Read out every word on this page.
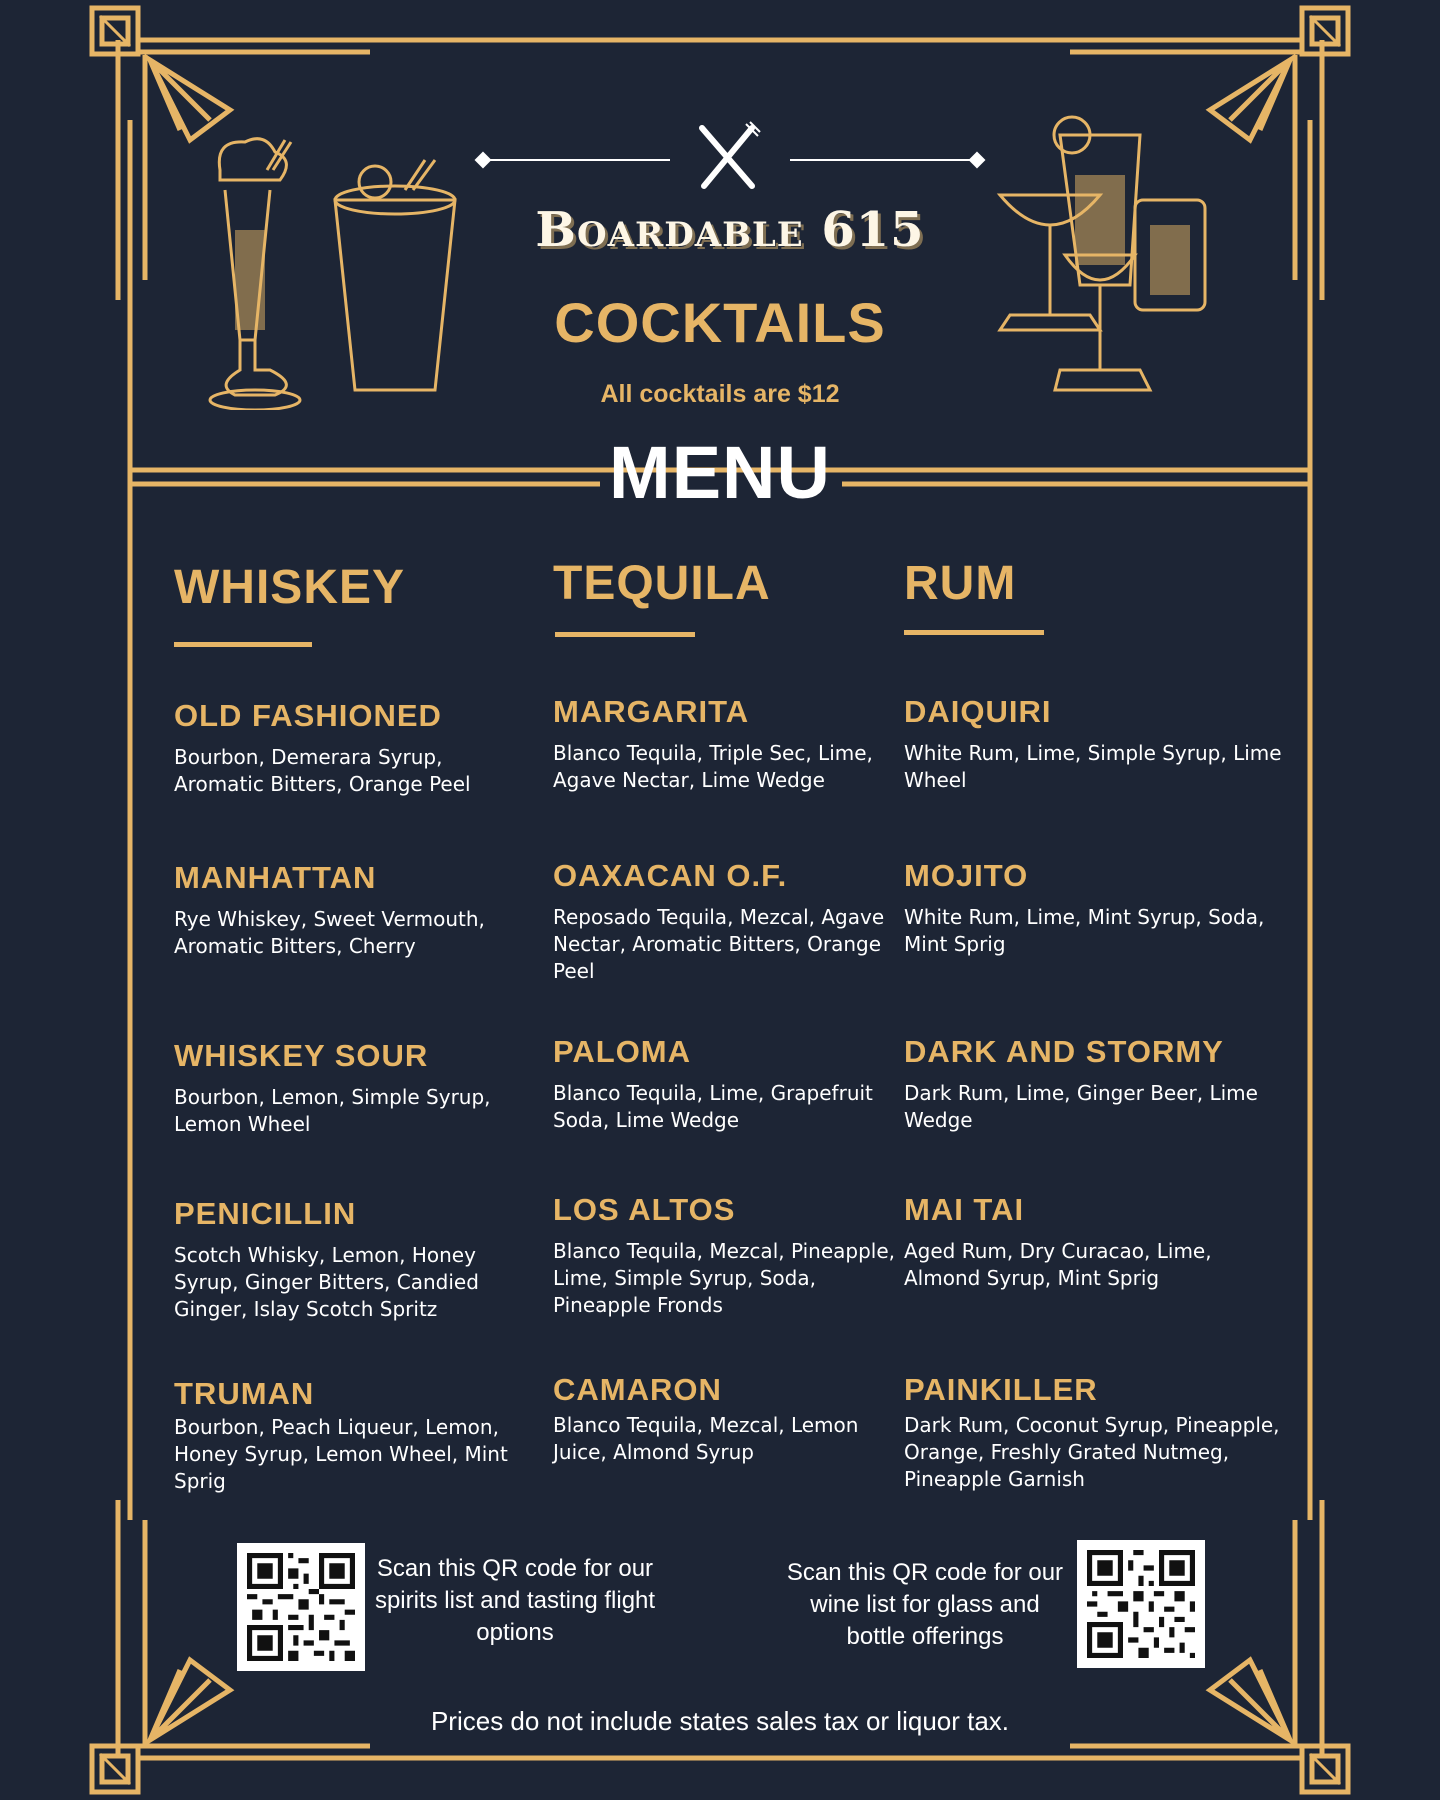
Boardable 615
COCKTAILS
All cocktails are $12
MENU
WHISKEY
OLD FASHIONED
Bourbon, Demerara Syrup, Aromatic Bitters, Orange Peel
MANHATTAN
Rye Whiskey, Sweet Vermouth, Aromatic Bitters, Cherry
WHISKEY SOUR
Bourbon, Lemon, Simple Syrup, Lemon Wheel
PENICILLIN
Scotch Whisky, Lemon, Honey Syrup, Ginger Bitters, Candied Ginger, Islay Scotch Spritz
TRUMAN
Bourbon, Peach Liqueur, Lemon, Honey Syrup, Lemon Wheel, Mint Sprig
TEQUILA
MARGARITA
Blanco Tequila, Triple Sec, Lime, Agave Nectar, Lime Wedge
OAXACAN O.F.
Reposado Tequila, Mezcal, Agave Nectar, Aromatic Bitters, Orange Peel
PALOMA
Blanco Tequila, Lime, Grapefruit Soda, Lime Wedge
LOS ALTOS
Blanco Tequila, Mezcal, Pineapple, Lime, Simple Syrup, Soda, Pineapple Fronds
CAMARON
Blanco Tequila, Mezcal, Lemon Juice, Almond Syrup
RUM
DAIQUIRI
White Rum, Lime, Simple Syrup, Lime Wheel
MOJITO
White Rum, Lime, Mint Syrup, Soda, Mint Sprig
DARK AND STORMY
Dark Rum, Lime, Ginger Beer, Lime Wedge
MAI TAI
Aged Rum, Dry Curacao, Lime, Almond Syrup, Mint Sprig
PAINKILLER
Dark Rum, Coconut Syrup, Pineapple, Orange, Freshly Grated Nutmeg, Pineapple Garnish
Scan this QR code for our spirits list and tasting flight options
Scan this QR code for our wine list for glass and bottle offerings
Prices do not include states sales tax or liquor tax.
